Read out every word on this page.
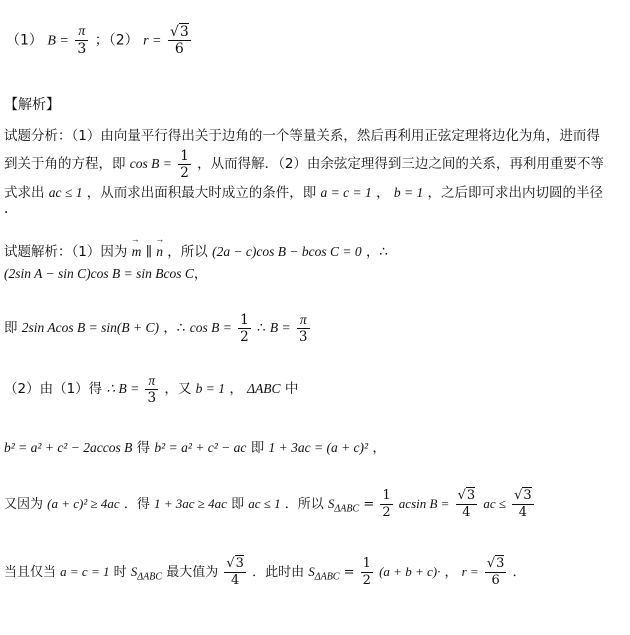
（1） $B = \frac{\pi}{3}$ ；（2） $r = \frac{√3}{6}$
【解析】
试题分析：（1）由向量平行得出关于边角的一个等量关系，然后再利用正弦定理将边化为角，进而得
到关于角的方程，即 $\cos B = \frac{1}{2}$ ，从而得解．（2）由余弦定理得到三边之间的关系，再利用重要不等
式求出 ac ≤ 1 ，从而求出面积最大时成立的条件，即 a = c = 1 ， b = 1 ，之后即可求出内切圆的半径
．
试题解析：（1）因为 → m ∥ → n ，所以 (2a − c)cos B − bcos C = 0 ，∴
(2sin A − sin C)cos B = sin Bcos C，
即 2sin Acos B = sin(B + C) ，∴ $\cos B = \frac{1}{2}$ ∴ $B = \frac{\pi}{3}$
（2）由（1）得 ∴ $B = \frac{\pi}{3}$ ，又 b = 1 ， ΔABC 中
b² = a² + c² − 2accos B 得 b² = a² + c² − ac 即 1 + 3ac = (a + c)² ，
又因为 (a + c)² ≥ 4ac ．得 1 + 3ac ≥ 4ac 即 ac ≤ 1 ．所以 $S_{\Delta ABC} = \frac{1}{2}$ acsin $B = \frac{√3}{4}$ ac ≤ $\frac{√3}{4}$
当且仅当 a = c = 1 时 $S_{\Delta ABC}$ 最大值为 $\frac{√3}{4}$ ．此时由 $S_{\Delta ABC} = \frac{1}{2} (a + b + c)\cdot$ ， $r = \frac{√3}{6}$ ．
